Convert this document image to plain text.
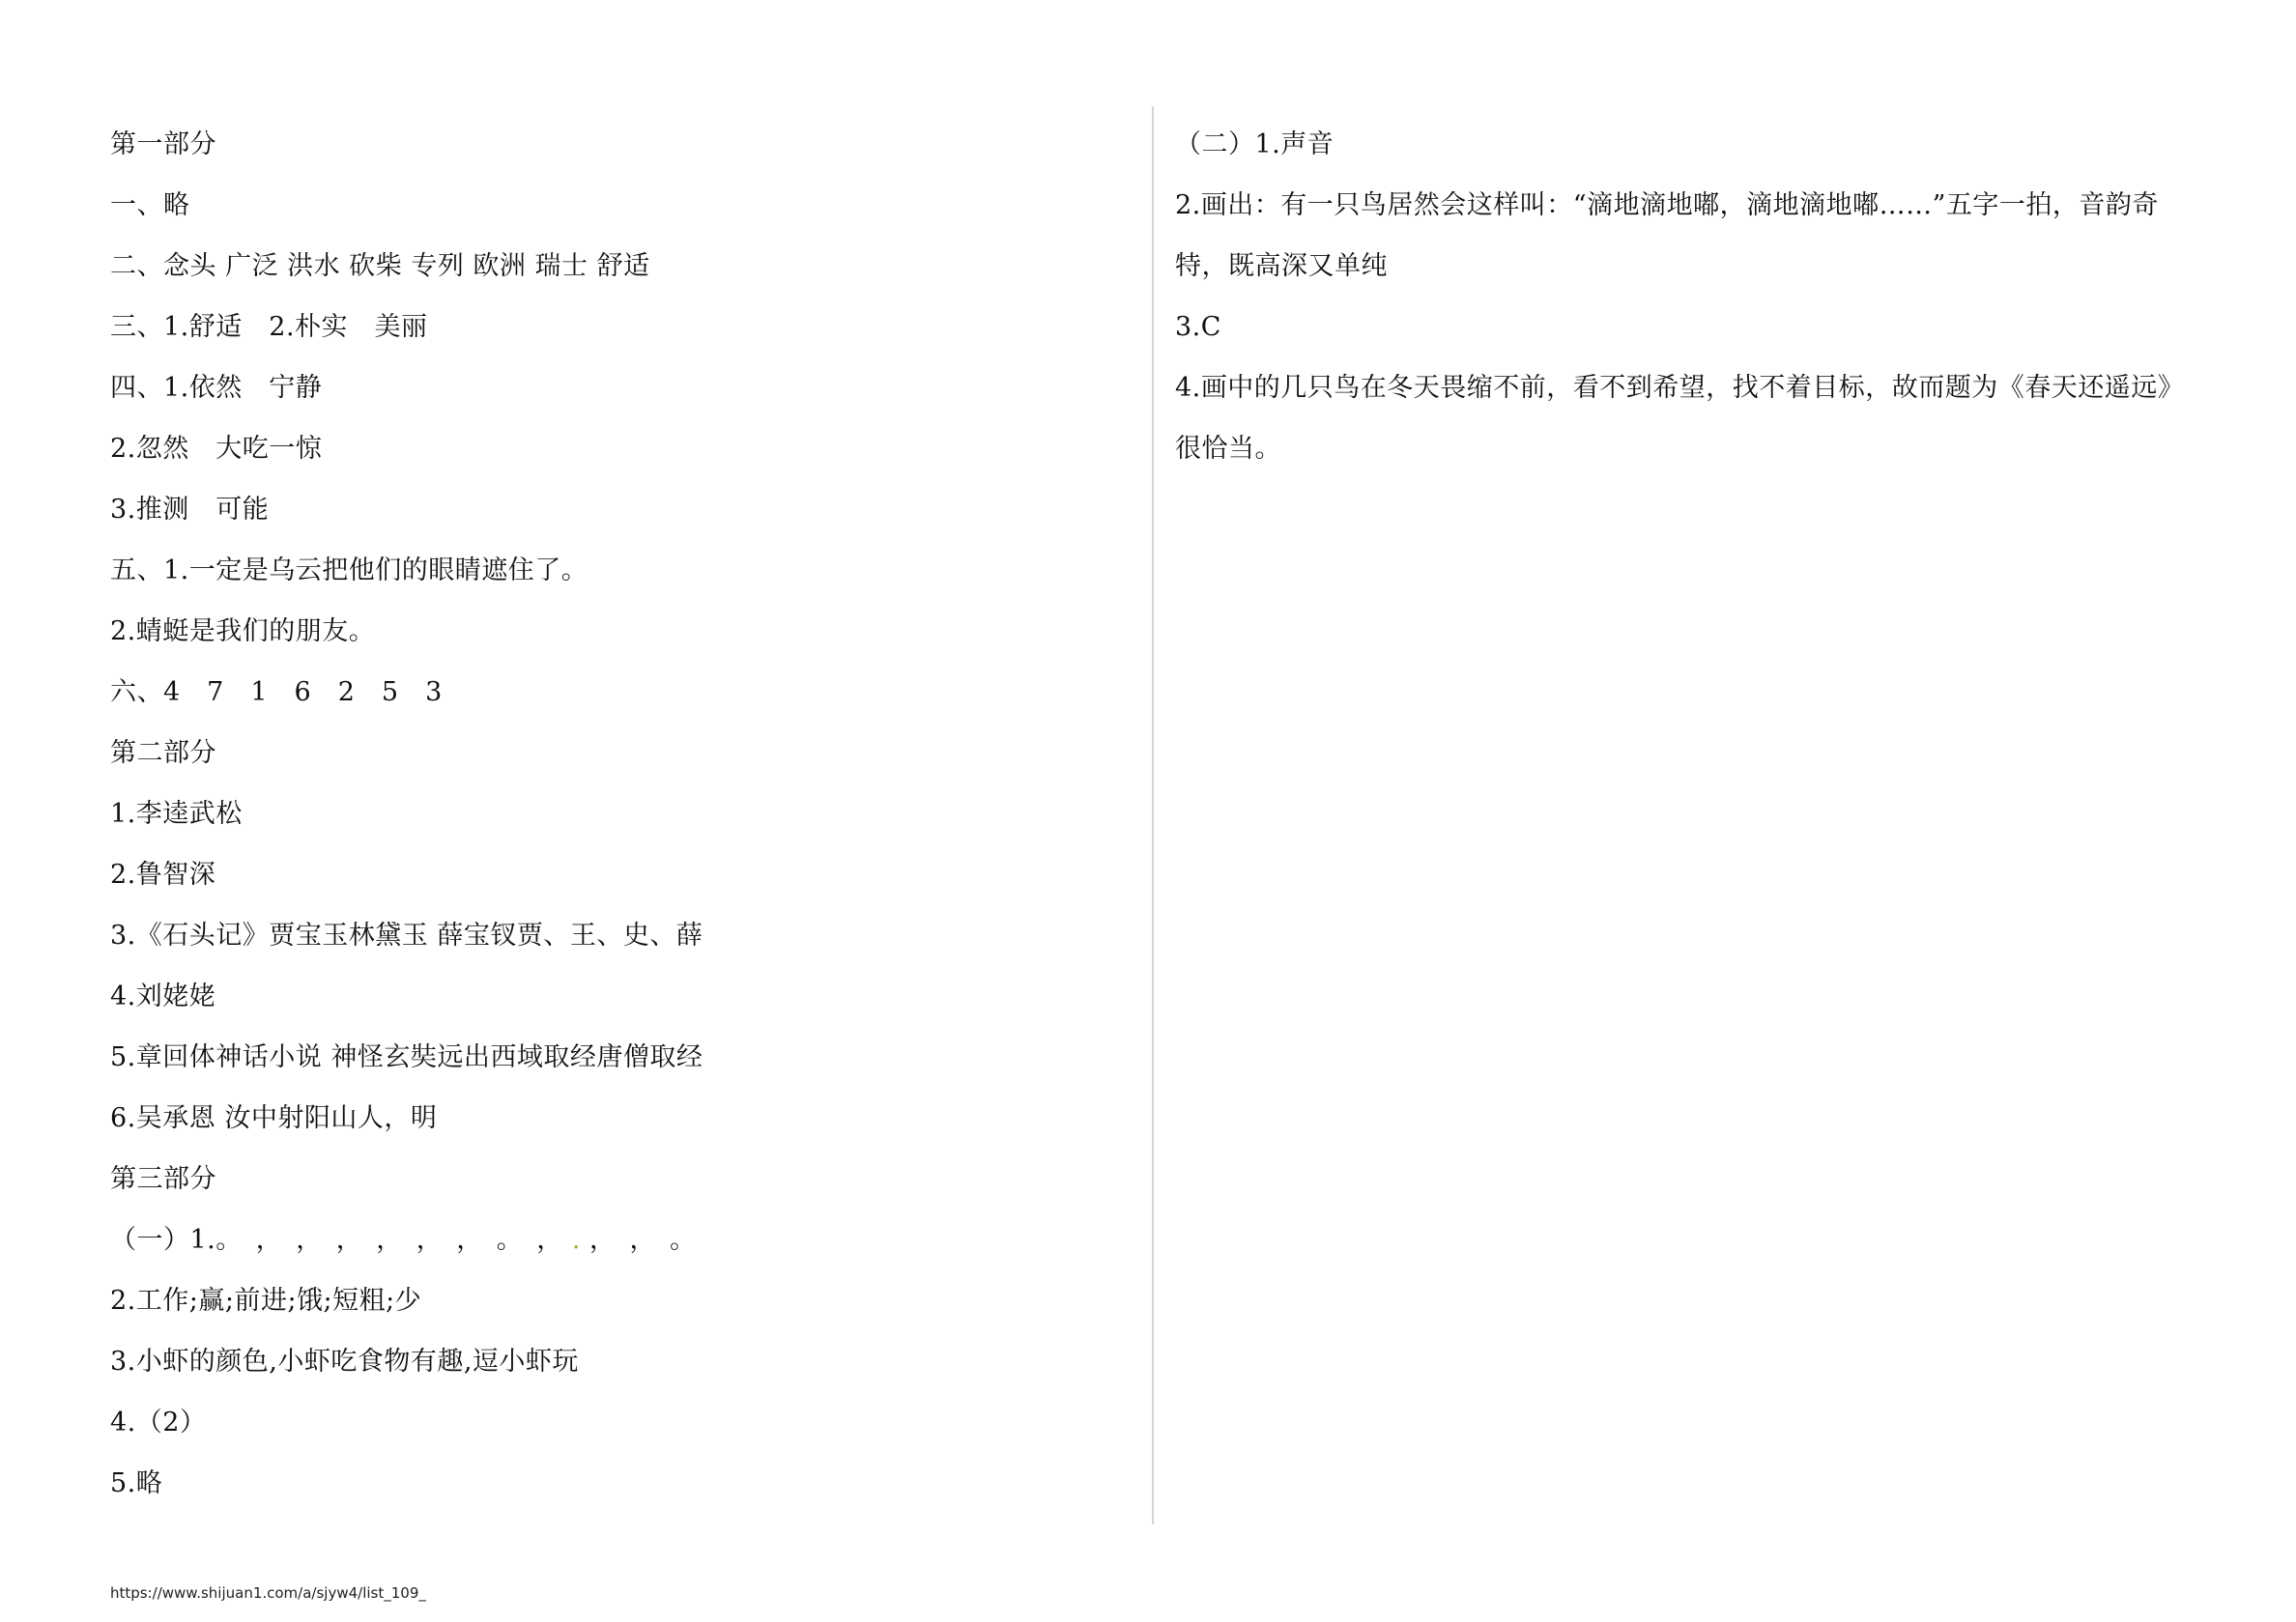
第一部分
一、略
二、念头 广泛 洪水 砍柴 专列 欧洲 瑞士 舒适
三、1.舒适　2.朴实　美丽
四、1.依然　宁静
2.忽然　大吃一惊
3.推测　可能
五、1.一定是乌云把他们的眼睛遮住了。
2.蜻蜓是我们的朋友。
六、4　7　1　6　2　5　3
第二部分
1.李逵武松
2.鲁智深
3.《石头记》贾宝玉林黛玉 薛宝钗贾、王、史、薛
4.刘姥姥
5.章回体神话小说 神怪玄奘远出西域取经唐僧取经
6.吴承恩 汝中射阳山人，明
第三部分
（一）1.。　，　，　，　，　，　，　。　， . ，　，　。
2.工作;赢;前进;饿;短粗;少
3.小虾的颜色,小虾吃食物有趣,逗小虾玩
4.（2）
5.略
（二）1.声音
2.画出：有一只鸟居然会这样叫：“滴地滴地嘟，滴地滴地嘟……”五字一拍，音韵奇
特，既高深又单纯
3.C
4.画中的几只鸟在冬天畏缩不前，看不到希望，找不着目标，故而题为《春天还遥远》
很恰当。
https://www.shijuan1.com/a/sjyw4/list_109_
